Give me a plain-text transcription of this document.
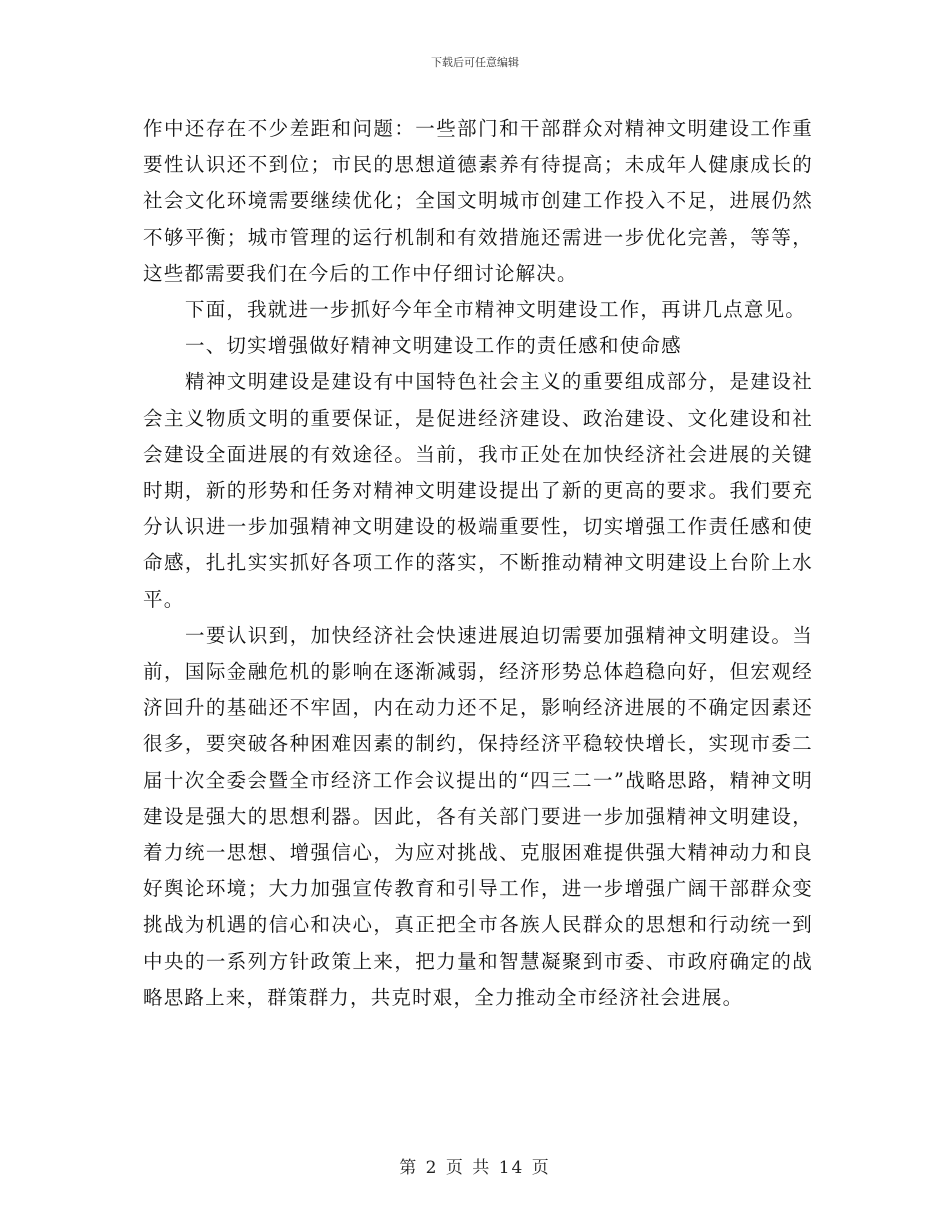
下载后可任意编辑

作中还存在不少差距和问题：一些部门和干部群众对精神文明建设工作重要性认识还不到位；市民的思想道德素养有待提高；未成年人健康成长的社会文化环境需要继续优化；全国文明城市创建工作投入不足，进展仍然不够平衡；城市管理的运行机制和有效措施还需进一步优化完善，等等，这些都需要我们在今后的工作中仔细讨论解决。

下面，我就进一步抓好今年全市精神文明建设工作，再讲几点意见。

一、切实增强做好精神文明建设工作的责任感和使命感

精神文明建设是建设有中国特色社会主义的重要组成部分，是建设社会主义物质文明的重要保证，是促进经济建设、政治建设、文化建设和社会建设全面进展的有效途径。当前，我市正处在加快经济社会进展的关键时期，新的形势和任务对精神文明建设提出了新的更高的要求。我们要充分认识进一步加强精神文明建设的极端重要性，切实增强工作责任感和使命感，扎扎实实抓好各项工作的落实，不断推动精神文明建设上台阶上水平。

一要认识到，加快经济社会快速进展迫切需要加强精神文明建设。当前，国际金融危机的影响在逐渐减弱，经济形势总体趋稳向好，但宏观经济回升的基础还不牢固，内在动力还不足，影响经济进展的不确定因素还很多，要突破各种困难因素的制约，保持经济平稳较快增长，实现市委二届十次全委会暨全市经济工作会议提出的“四三二一”战略思路，精神文明建设是强大的思想利器。因此，各有关部门要进一步加强精神文明建设，着力统一思想、增强信心，为应对挑战、克服困难提供强大精神动力和良好舆论环境；大力加强宣传教育和引导工作，进一步增强广阔干部群众变挑战为机遇的信心和决心，真正把全市各族人民群众的思想和行动统一到中央的一系列方针政策上来，把力量和智慧凝聚到市委、市政府确定的战略思路上来，群策群力，共克时艰，全力推动全市经济社会进展。

第 2 页 共 14 页
